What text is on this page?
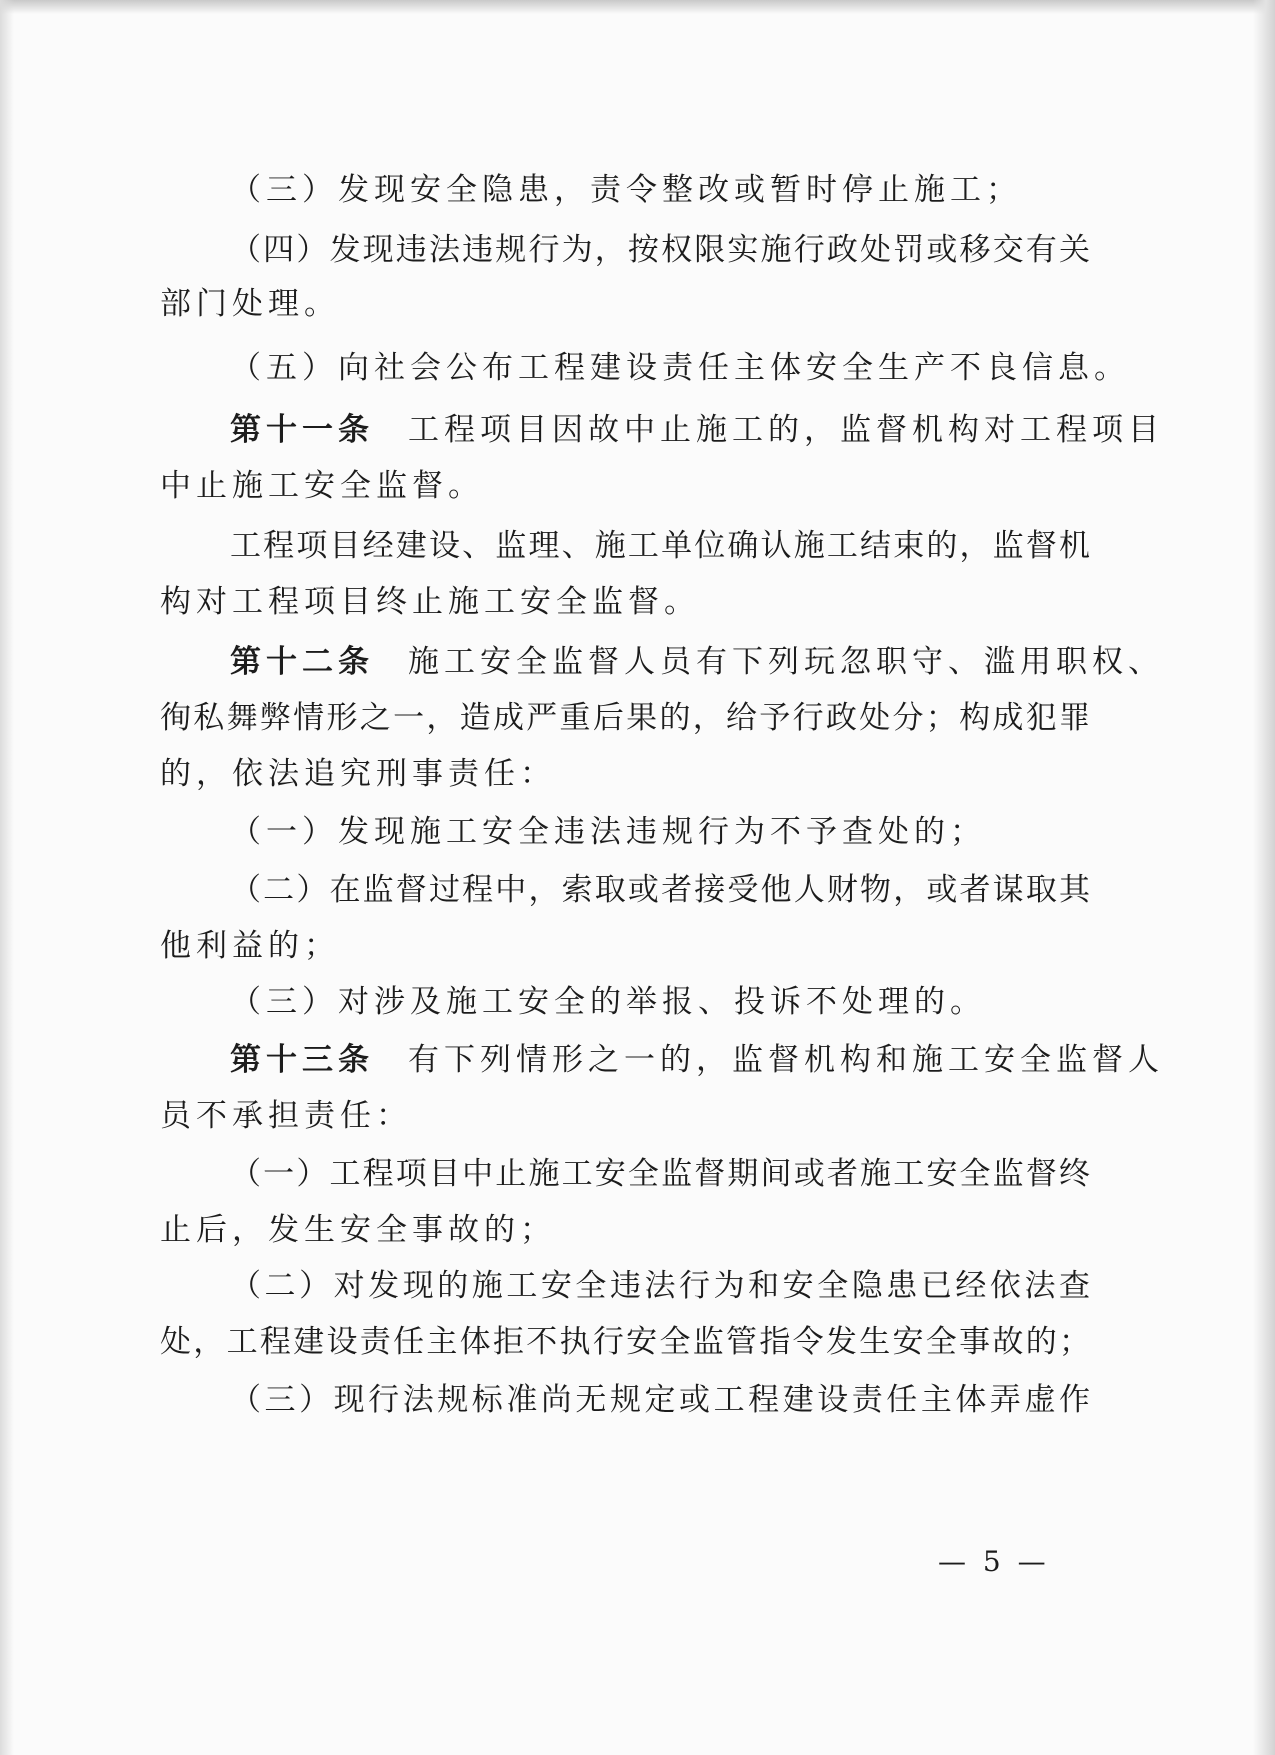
（三）发现安全隐患，责令整改或暂时停止施工；
（四）发现违法违规行为，按权限实施行政处罚或移交有关
部门处理。
（五）向社会公布工程建设责任主体安全生产不良信息。
第十一条 工程项目因故中止施工的，监督机构对工程项目
中止施工安全监督。
工程项目经建设、监理、施工单位确认施工结束的，监督机
构对工程项目终止施工安全监督。
第十二条 施工安全监督人员有下列玩忽职守、滥用职权、
徇私舞弊情形之一，造成严重后果的，给予行政处分；构成犯罪
的，依法追究刑事责任：
（一）发现施工安全违法违规行为不予查处的；
（二）在监督过程中，索取或者接受他人财物，或者谋取其
他利益的；
（三）对涉及施工安全的举报、投诉不处理的。
第十三条 有下列情形之一的，监督机构和施工安全监督人
员不承担责任：
（一）工程项目中止施工安全监督期间或者施工安全监督终
止后，发生安全事故的；
（二）对发现的施工安全违法行为和安全隐患已经依法查
处，工程建设责任主体拒不执行安全监管指令发生安全事故的；
（三）现行法规标准尚无规定或工程建设责任主体弄虚作
— 5 —
